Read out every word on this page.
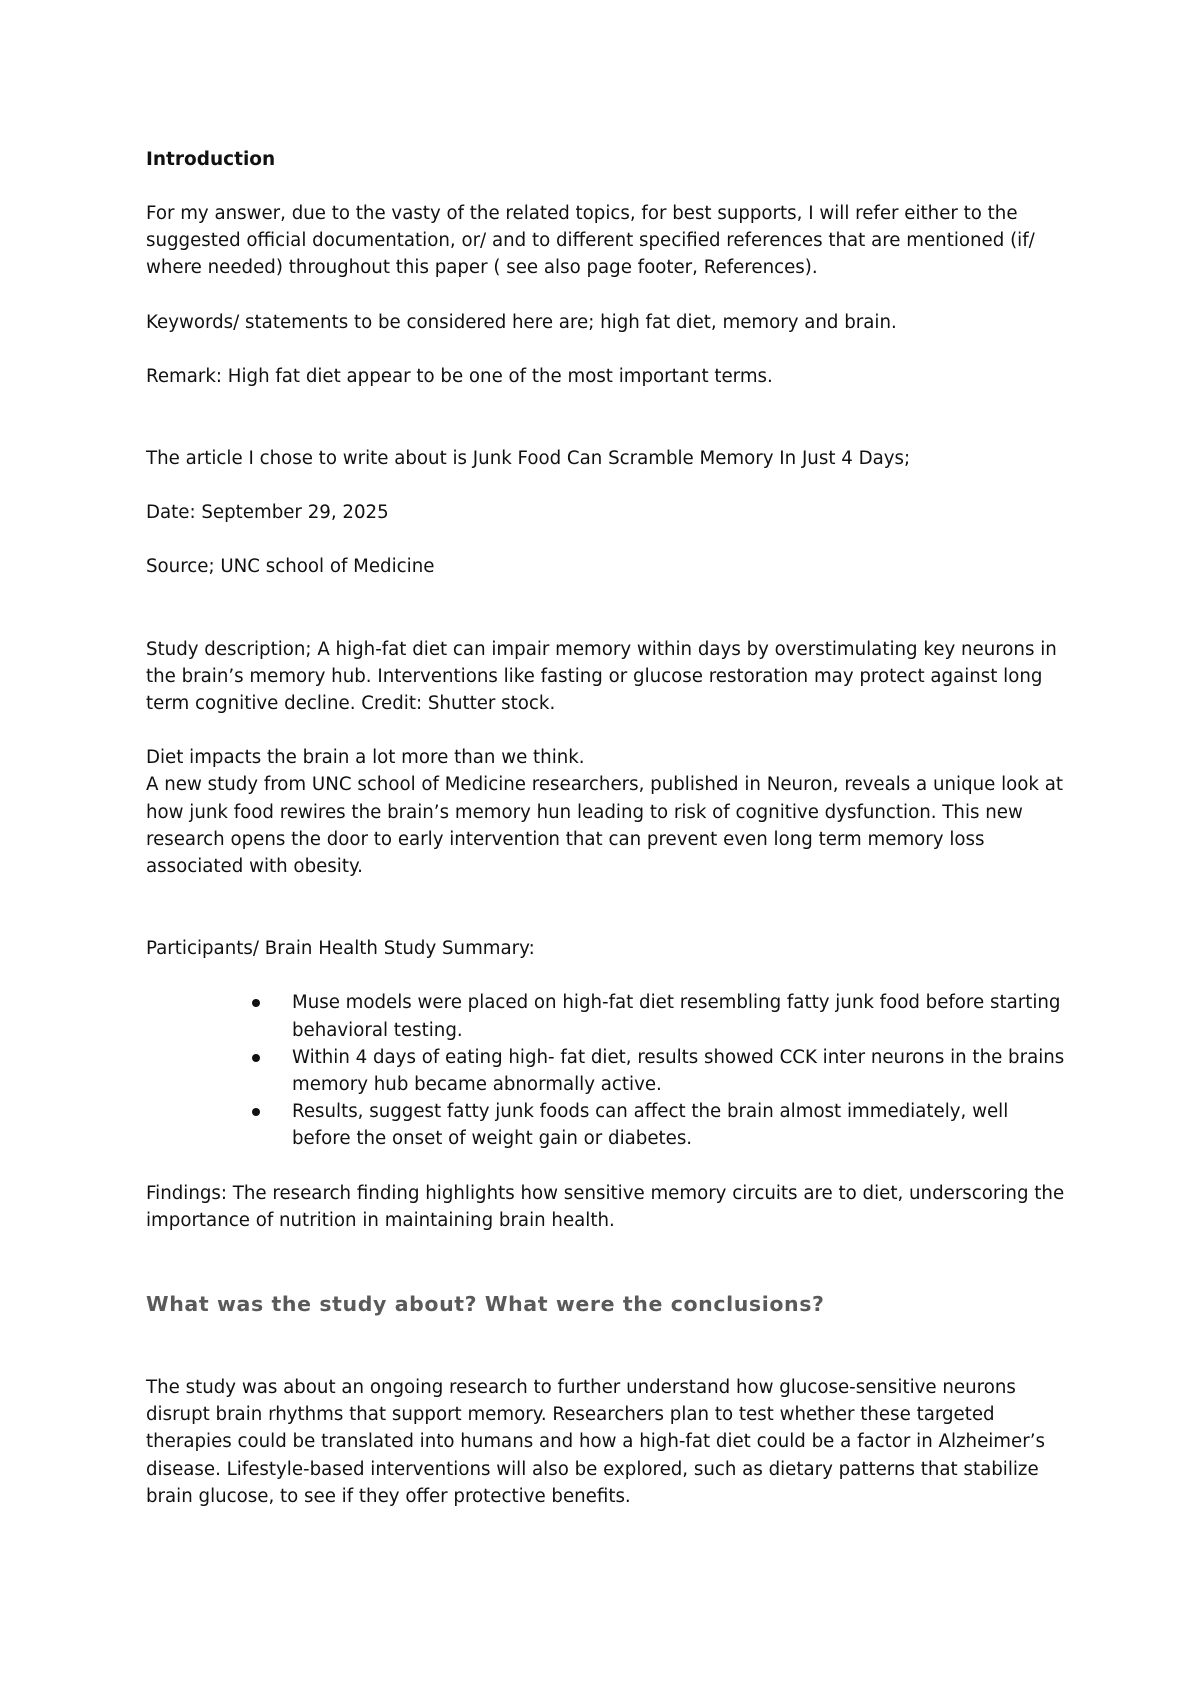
Introduction

For my answer, due to the vasty of the related topics, for best supports, I will refer either to the suggested official documentation, or/ and to different specified references that are mentioned (if/ where needed) throughout this paper ( see also page footer, References).

Keywords/ statements to be considered here are; high fat diet, memory and brain.

Remark: High fat diet appear to be one of the most important terms.

The article I chose to write about is Junk Food Can Scramble Memory In Just 4 Days;

Date: September 29, 2025

Source; UNC school of Medicine

Study description; A high-fat diet can impair memory within days by overstimulating key neurons in the brain’s memory hub. Interventions like fasting or glucose restoration may protect against long term cognitive decline. Credit: Shutter stock.

Diet impacts the brain a lot more than we think.

A new study from UNC school of Medicine researchers, published in Neuron, reveals a unique look at how junk food rewires the brain’s memory hun leading to risk of cognitive dysfunction. This new research opens the door to early intervention that can prevent even long term memory loss associated with obesity.

Participants/ Brain Health Study Summary:

Muse models were placed on high-fat diet resembling fatty junk food before starting behavioral testing.
Within 4 days of eating high- fat diet, results showed CCK inter neurons in the brains memory hub became abnormally active.
Results, suggest fatty junk foods can affect the brain almost immediately, well before the onset of weight gain or diabetes.

Findings: The research finding highlights how sensitive memory circuits are to diet, underscoring the importance of nutrition in maintaining brain health.

What was the study about? What were the conclusions?

The study was about an ongoing research to further understand how glucose-sensitive neurons disrupt brain rhythms that support memory. Researchers plan to test whether these targeted therapies could be translated into humans and how a high-fat diet could be a factor in Alzheimer’s disease. Lifestyle-based interventions will also be explored, such as dietary patterns that stabilize brain glucose, to see if they offer protective benefits.
